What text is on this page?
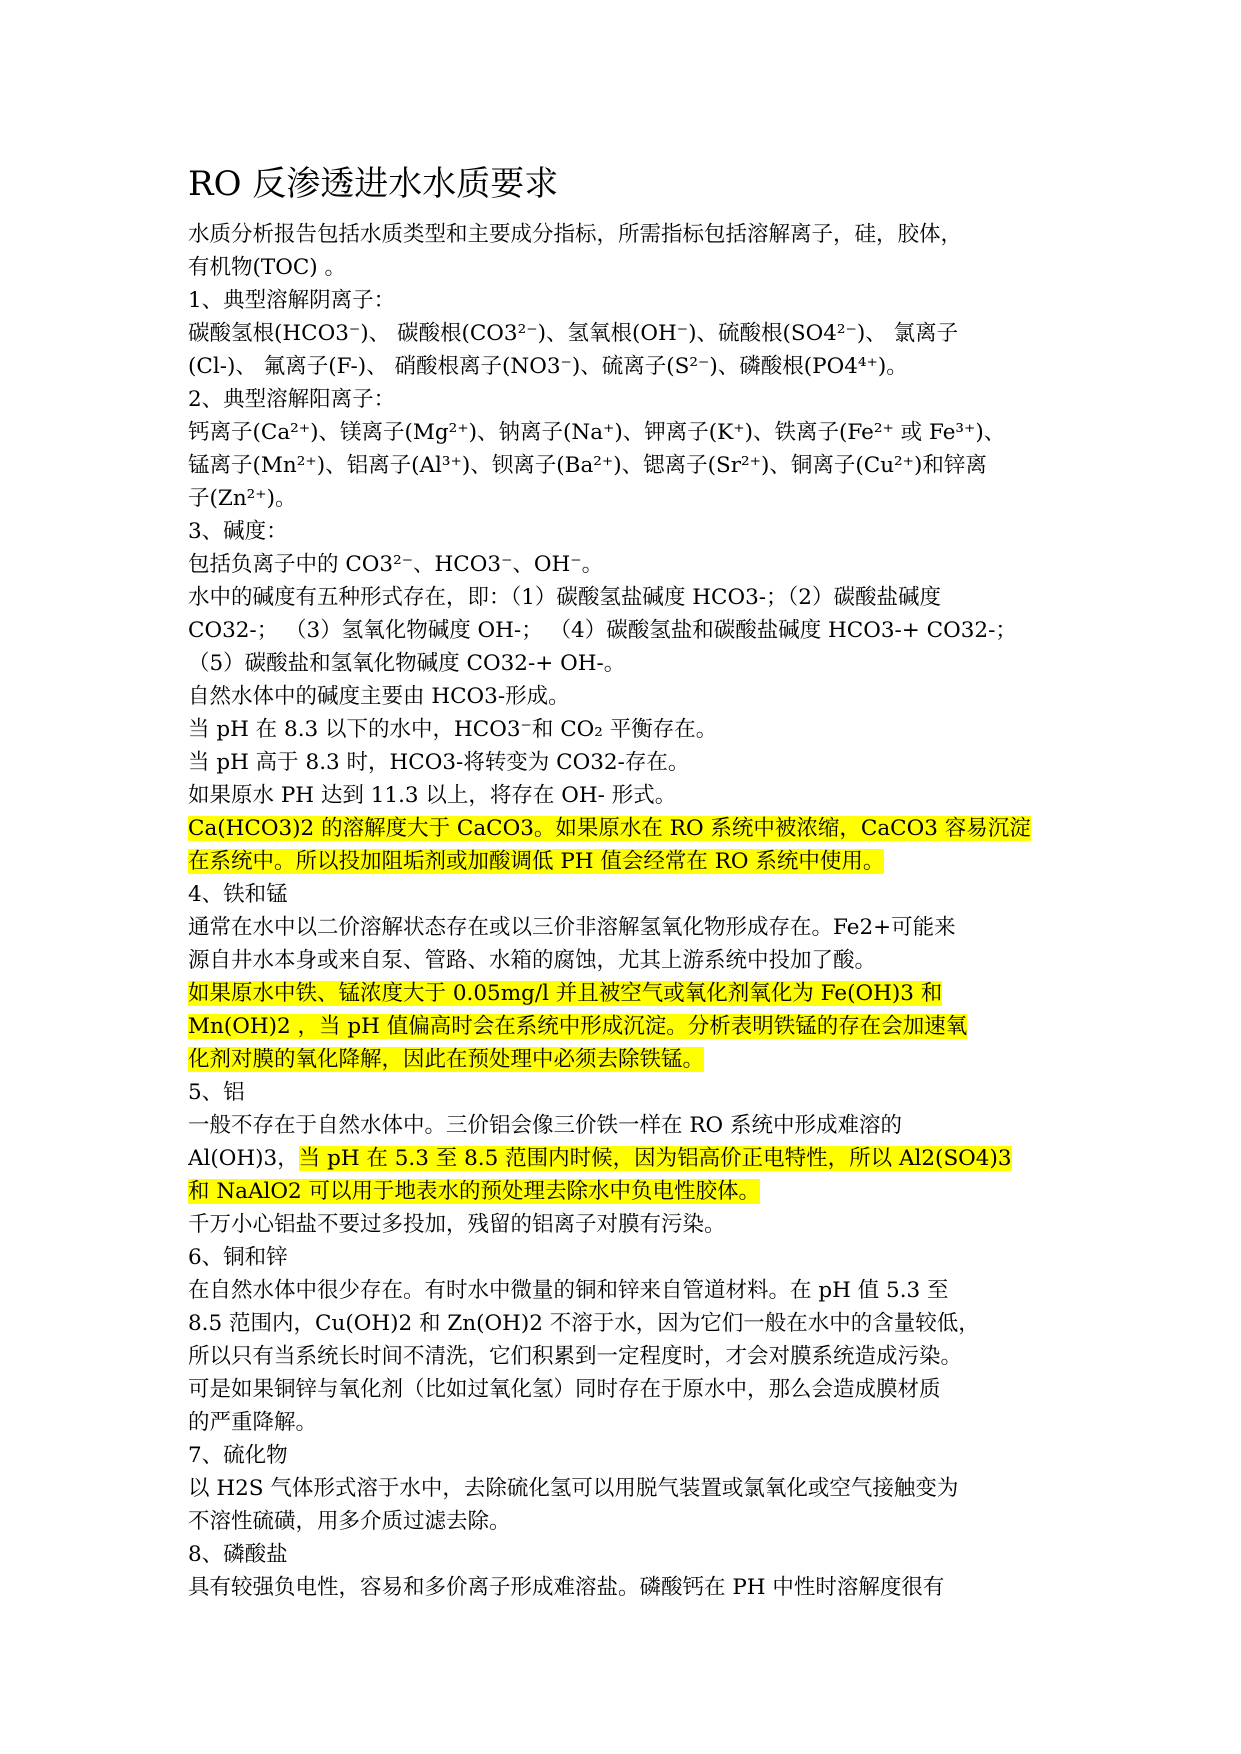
RO 反渗透进水水质要求
水质分析报告包括水质类型和主要成分指标，所需指标包括溶解离子，硅，胶体，
有机物(TOC) 。
1、典型溶解阴离子：
碳酸氢根(HCO3⁻)、 碳酸根(CO3²⁻)、氢氧根(OH⁻)、硫酸根(SO4²⁻)、 氯离子
(Cl-)、 氟离子(F-)、 硝酸根离子(NO3⁻)、硫离子(S²⁻)、磷酸根(PO4⁴⁺)。
2、典型溶解阳离子：
钙离子(Ca²⁺)、镁离子(Mg²⁺)、钠离子(Na⁺)、钾离子(K⁺)、铁离子(Fe²⁺ 或 Fe³⁺)、
锰离子(Mn²⁺)、铝离子(Al³⁺)、钡离子(Ba²⁺)、锶离子(Sr²⁺)、铜离子(Cu²⁺)和锌离
子(Zn²⁺)。
3、碱度：
包括负离子中的 CO3²⁻、HCO3⁻、OH⁻。
水中的碱度有五种形式存在，即：（1）碳酸氢盐碱度 HCO3-；（2）碳酸盐碱度
CO32-； （3）氢氧化物碱度 OH-； （4）碳酸氢盐和碳酸盐碱度 HCO3-+ CO32-；
（5）碳酸盐和氢氧化物碱度 CO32-+ OH-。
自然水体中的碱度主要由 HCO3-形成。
当 pH 在 8.3 以下的水中，HCO3⁻和 CO₂ 平衡存在。
当 pH 高于 8.3 时，HCO3-将转变为 CO32-存在。
如果原水 PH 达到 11.3 以上，将存在 OH- 形式。
Ca(HCO3)2 的溶解度大于 CaCO3。如果原水在 RO 系统中被浓缩，CaCO3 容易沉淀
在系统中。所以投加阻垢剂或加酸调低 PH 值会经常在 RO 系统中使用。
4、铁和锰
通常在水中以二价溶解状态存在或以三价非溶解氢氧化物形成存在。Fe2+可能来
源自井水本身或来自泵、管路、水箱的腐蚀，尤其上游系统中投加了酸。
如果原水中铁、锰浓度大于 0.05mg/l 并且被空气或氧化剂氧化为 Fe(OH)3 和
Mn(OH)2 ，当 pH 值偏高时会在系统中形成沉淀。分析表明铁锰的存在会加速氧
化剂对膜的氧化降解，因此在预处理中必须去除铁锰。
5、铝
一般不存在于自然水体中。三价铝会像三价铁一样在 RO 系统中形成难溶的
Al(OH)3，当 pH 在 5.3 至 8.5 范围内时候，因为铝高价正电特性，所以 Al2(SO4)3
和 NaAlO2 可以用于地表水的预处理去除水中负电性胶体。
千万小心铝盐不要过多投加，残留的铝离子对膜有污染。
6、铜和锌
在自然水体中很少存在。有时水中微量的铜和锌来自管道材料。在 pH 值 5.3 至
8.5 范围内，Cu(OH)2 和 Zn(OH)2 不溶于水，因为它们一般在水中的含量较低，
所以只有当系统长时间不清洗，它们积累到一定程度时，才会对膜系统造成污染。
可是如果铜锌与氧化剂（比如过氧化氢）同时存在于原水中，那么会造成膜材质
的严重降解。
7、硫化物
以 H2S 气体形式溶于水中，去除硫化氢可以用脱气装置或氯氧化或空气接触变为
不溶性硫磺，用多介质过滤去除。
8、磷酸盐
具有较强负电性，容易和多价离子形成难溶盐。磷酸钙在 PH 中性时溶解度很有
